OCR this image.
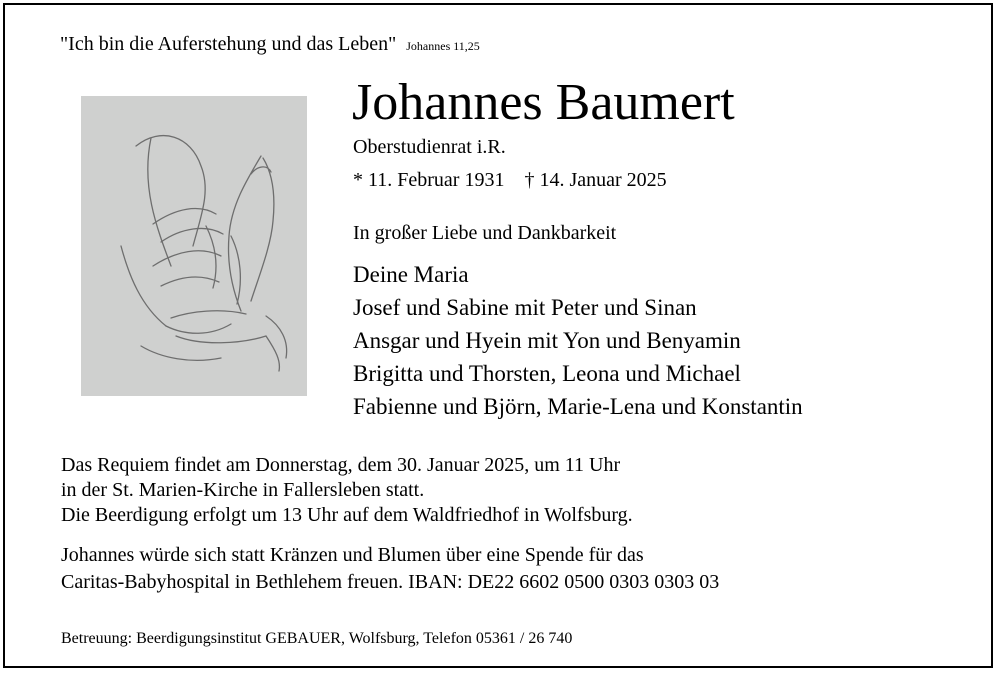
"Ich bin die Auferstehung und das Leben" Johannes 11,25
Johannes Baumert
Oberstudienrat i.R.
* 11. Februar 1931 † 14. Januar 2025
In großer Liebe und Dankbarkeit
Deine Maria
Josef und Sabine mit Peter und Sinan
Ansgar und Hyein mit Yon und Benyamin
Brigitta und Thorsten, Leona und Michael
Fabienne und Björn, Marie-Lena und Konstantin
Das Requiem findet am Donnerstag, dem 30. Januar 2025, um 11 Uhr
in der St. Marien-Kirche in Fallersleben statt.
Die Beerdigung erfolgt um 13 Uhr auf dem Waldfriedhof in Wolfsburg.
Johannes würde sich statt Kränzen und Blumen über eine Spende für das
Caritas-Babyhospital in Bethlehem freuen. IBAN: DE22 6602 0500 0303 0303 03
Betreuung: Beerdigungsinstitut GEBAUER, Wolfsburg, Telefon 05361 / 26 740
